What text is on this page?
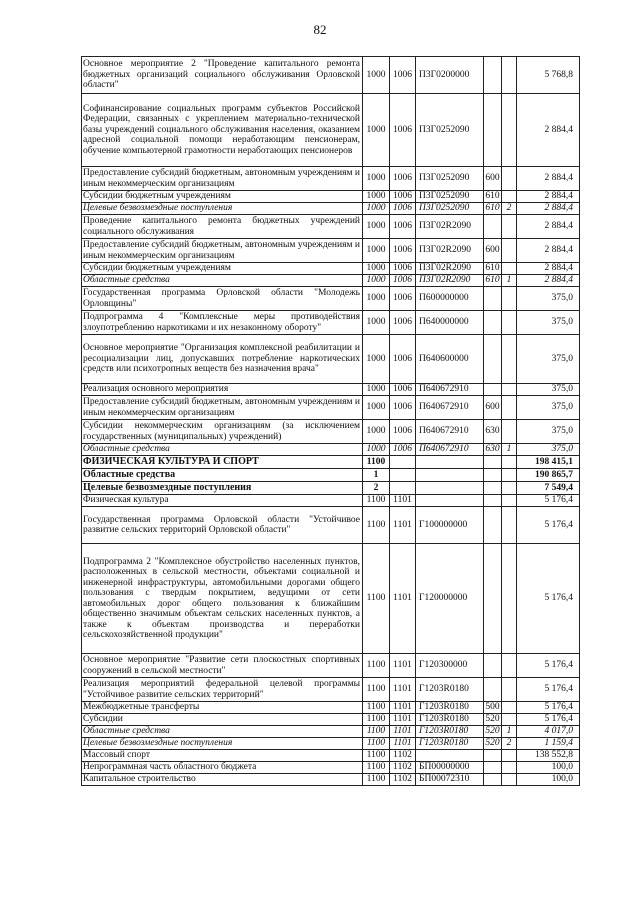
82
Основное мероприятие 2 "Проведение капитального ремонта бюджетных организаций социального обслуживания Орловской области"	1000	1006	П3Г0200000			5 768,8
Софинансирование социальных программ субъектов Российской Федерации, связанных с укреплением материально-технической базы учреждений социального обслуживания населения, оказанием адресной социальной помощи неработающим пенсионерам, обучение компьютерной грамотности неработающих пенсионеров	1000	1006	П3Г0252090			2 884,4
Предоставление субсидий бюджетным, автономным учреждениям и иным некоммерческим организациям	1000	1006	П3Г0252090	600		2 884,4
Субсидии бюджетным учреждениям	1000	1006	П3Г0252090	610		2 884,4
Целевые безвозмездные поступления	1000	1006	П3Г0252090	610	2	2 884,4
Проведение капитального ремонта бюджетных учреждений социального обслуживания	1000	1006	П3Г02R2090			2 884,4
Предоставление субсидий бюджетным, автономным учреждениям и иным некоммерческим организациям	1000	1006	П3Г02R2090	600		2 884,4
Субсидии бюджетным учреждениям	1000	1006	П3Г02R2090	610		2 884,4
Областные средства	1000	1006	П3Г02R2090	610	1	2 884,4
Государственная программа Орловской области "Молодежь Орловщины"	1000	1006	П600000000			375,0
Подпрограмма 4 "Комплексные меры противодействия злоупотреблению наркотиками и их незаконному обороту"	1000	1006	П640000000			375,0
Основное мероприятие "Организация комплексной реабилитации и ресоциализации лиц, допускавших потребление наркотических средств или психотропных веществ без назначения врача"	1000	1006	П640600000			375,0
Реализация основного мероприятия	1000	1006	П640672910			375,0
Предоставление субсидий бюджетным, автономным учреждениям и иным некоммерческим организациям	1000	1006	П640672910	600		375,0
Субсидии некоммерческим организациям (за исключением государственных (муниципальных) учреждений)	1000	1006	П640672910	630		375,0
Областные средства	1000	1006	П640672910	630	1	375,0
ФИЗИЧЕСКАЯ КУЛЬТУРА И СПОРТ	1100					198 415,1
Областные средства	1					190 865,7
Целевые безвозмездные поступления	2					7 549,4
Физическая культура	1100	1101				5 176,4
Государственная программа Орловской области "Устойчивое развитие сельских территорий Орловской области"	1100	1101	Г100000000			5 176,4
Подпрограмма 2 "Комплексное обустройство населенных пунктов, расположенных в сельской местности, объектами социальной и инженерной инфраструктуры, автомобильными дорогами общего пользования с твердым покрытием, ведущими от сети автомобильных дорог общего пользования к ближайшим общественно значимым объектам сельских населенных пунктов, а также к объектам производства и переработки сельскохозяйственной продукции"	1100	1101	Г120000000			5 176,4
Основное мероприятие "Развитие сети плоскостных спортивных сооружений в сельской местности"	1100	1101	Г120300000			5 176,4
Реализация мероприятий федеральной целевой программы "Устойчивое развитие сельских территорий"	1100	1101	Г1203R0180			5 176,4
Межбюджетные трансферты	1100	1101	Г1203R0180	500		5 176,4
Субсидии	1100	1101	Г1203R0180	520		5 176,4
Областные средства	1100	1101	Г1203R0180	520	1	4 017,0
Целевые безвозмездные поступления	1100	1101	Г1203R0180	520	2	1 159,4
Массовый спорт	1100	1102				138 552,8
Непрограммная часть областного бюджета	1100	1102	БП00000000			100,0
Капитальное строительство	1100	1102	БП00072310			100,0
